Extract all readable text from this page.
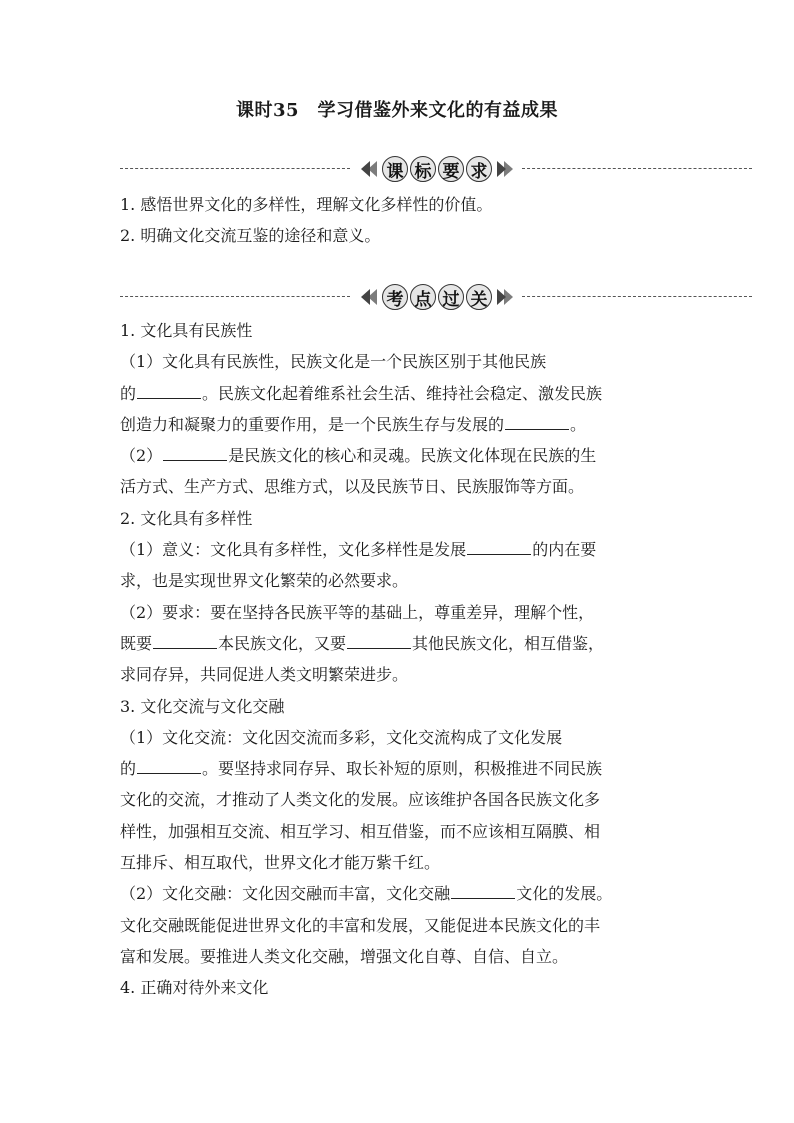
课时35　学习借鉴外来文化的有益成果
课 标 要 求

1. 感悟世界文化的多样性，理解文化多样性的价值。

2. 明确文化交流互鉴的途径和意义。

考 点 过 关

1. 文化具有民族性

（1）文化具有民族性，民族文化是一个民族区别于其他民族

的	。民族文化起着维系社会生活、维持社会稳定、激发民族

创造力和凝聚力的重要作用，是一个民族生存与发展的	。

（2）	是民族文化的核心和灵魂。民族文化体现在民族的生

活方式、生产方式、思维方式，以及民族节日、民族服饰等方面。

2. 文化具有多样性

（1）意义：文化具有多样性，文化多样性是发展	的内在要

求，也是实现世界文化繁荣的必然要求。

（2）要求：要在坚持各民族平等的基础上，尊重差异，理解个性，

既要	本民族文化，又要	其他民族文化，相互借鉴，

求同存异，共同促进人类文明繁荣进步。

3. 文化交流与文化交融

（1）文化交流：文化因交流而多彩，文化交流构成了文化发展

的	。要坚持求同存异、取长补短的原则，积极推进不同民族

文化的交流，才推动了人类文化的发展。应该维护各国各民族文化多

样性，加强相互交流、相互学习、相互借鉴，而不应该相互隔膜、相

互排斥、相互取代，世界文化才能万紫千红。

（2）文化交融：文化因交融而丰富，文化交融	文化的发展。

文化交融既能促进世界文化的丰富和发展，又能促进本民族文化的丰

富和发展。要推进人类文化交融，增强文化自尊、自信、自立。

4. 正确对待外来文化
